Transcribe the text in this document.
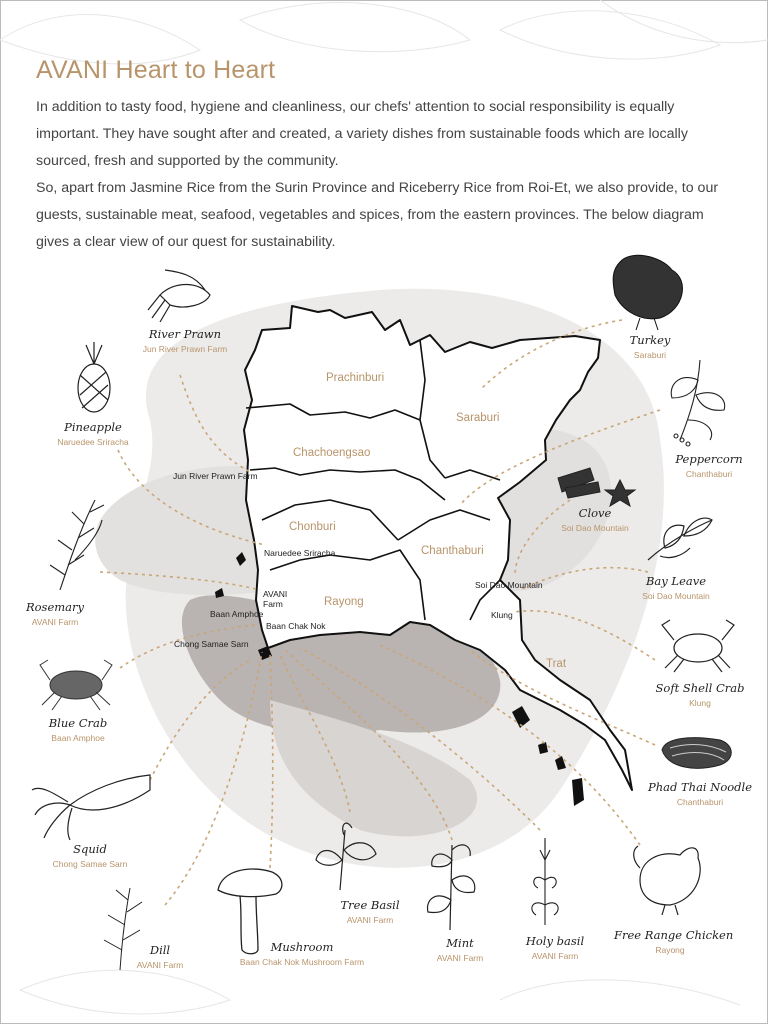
AVANI Heart to Heart

In addition to tasty food, hygiene and cleanliness, our chefs' attention to social responsibility is equally important. They have sought after and created, a variety dishes from sustainable foods which are locally sourced, fresh and supported by the community.

So, apart from Jasmine Rice from the Surin Province and Riceberry Rice from Roi-Et, we also provide, to our guests, sustainable meat, seafood, vegetables and spices, from the eastern provinces. The below diagram gives a clear view of our quest for sustainability.

Prachinburi
Saraburi
Chachoengsao
Chonburi
Chanthaburi
Rayong
Trat
Jun River Prawn Farm
Naruedee Sriracha
AVANI Farm
Baan Amphoe
Baan Chak Nok
Chong Samae Sarn
Soi Dao Mountain
Klung
River Prawn
Jun River Prawn Farm
Pineapple
Naruedee Sriracha
Rosemary
AVANI Farm
Blue Crab
Baan Amphoe
Squid
Chong Samae Sarn
Dill
AVANI Farm
Mushroom
Baan Chak Nok Mushroom Farm
Tree Basil
AVANI Farm
Mint
AVANI Farm
Holy basil
AVANI Farm
Free Range Chicken
Rayong
Phad Thai Noodle
Chanthaburi
Soft Shell Crab
Klung
Bay Leave
Soi Dao Mountain
Clove
Soi Dao Mountain
Peppercorn
Chanthaburi
Turkey
Saraburi
